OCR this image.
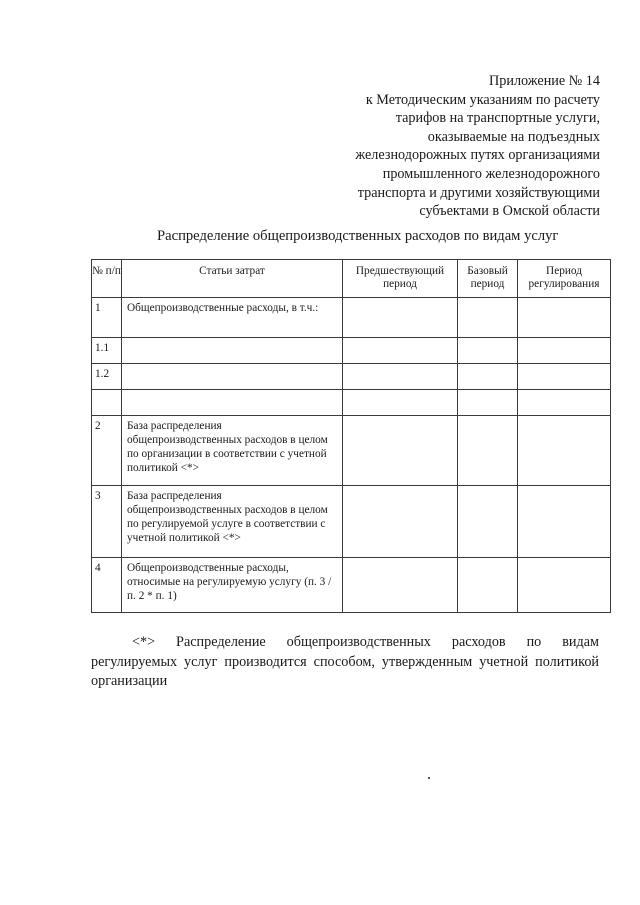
Приложение № 14
к Методическим указаниям по расчету
тарифов на транспортные услуги,
оказываемые на подъездных
железнодорожных путях организациями
промышленного железнодорожного
транспорта и другими хозяйствующими
субъектами в Омской области
Распределение общепроизводственных расходов по видам услуг
№ п/п	Статьи затрат	Предшествующий период	Базовый период	Период регулирования
1	Общепроизводственные расходы, в т.ч.:			
1.1				
1.2				

2	База распределения общепроизводственных расходов в целом по организации в соответствии с учетной политикой <*>			
3	База распределения общепроизводственных расходов в целом по регулируемой услуге в соответствии с учетной политикой <*>			
4	Общепроизводственные расходы, относимые на регулируемую услугу (п. 3 / п. 2 * п. 1)			
<*> Распределение общепроизводственных расходов по видам регулируемых услуг производится способом, утвержденным учетной политикой организации
